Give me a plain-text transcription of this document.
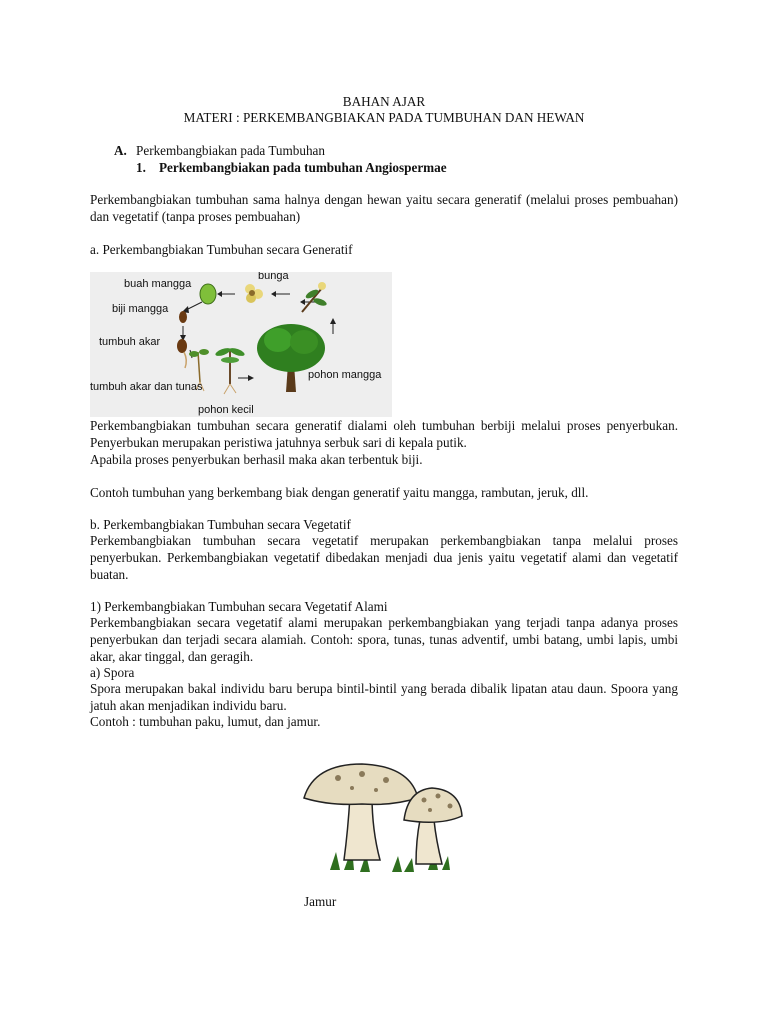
BAHAN AJAR
MATERI : PERKEMBANGBIAKAN PADA TUMBUHAN DAN HEWAN
A. Perkembangbiakan pada Tumbuhan
1. Perkembangbiakan pada tumbuhan Angiospermae
Perkembangbiakan tumbuhan sama halnya dengan hewan yaitu secara generatif (melalui proses pembuahan) dan vegetatif (tanpa proses pembuahan)
a. Perkembangbiakan Tumbuhan secara Generatif
bunga
buah mangga
biji mangga
tumbuh akar
tumbuh akar dan tunas
pohon kecil
pohon mangga
Perkembangbiakan tumbuhan secara generatif dialami oleh tumbuhan berbiji melalui proses penyerbukan. Penyerbukan merupakan peristiwa jatuhnya serbuk sari di kepala putik.
Apabila proses penyerbukan berhasil maka akan terbentuk biji.
Contoh tumbuhan yang berkembang biak dengan generatif yaitu mangga, rambutan, jeruk, dll.
b. Perkembangbiakan Tumbuhan secara Vegetatif
Perkembangbiakan tumbuhan secara vegetatif merupakan perkembangbiakan tanpa melalui proses penyerbukan. Perkembangbiakan vegetatif dibedakan menjadi dua jenis yaitu vegetatif alami dan vegetatif buatan.
1) Perkembangbiakan Tumbuhan secara Vegetatif Alami
Perkembangbiakan secara vegetatif alami merupakan perkembangbiakan yang terjadi tanpa adanya proses penyerbukan dan terjadi secara alamiah. Contoh: spora, tunas, tunas adventif, umbi batang, umbi lapis, umbi akar, akar tinggal, dan geragih.
a) Spora
Spora merupakan bakal individu baru berupa bintil-bintil yang berada dibalik lipatan atau daun. Spoora yang jatuh akan menjadikan individu baru.
Contoh : tumbuhan paku, lumut, dan jamur.
Jamur
